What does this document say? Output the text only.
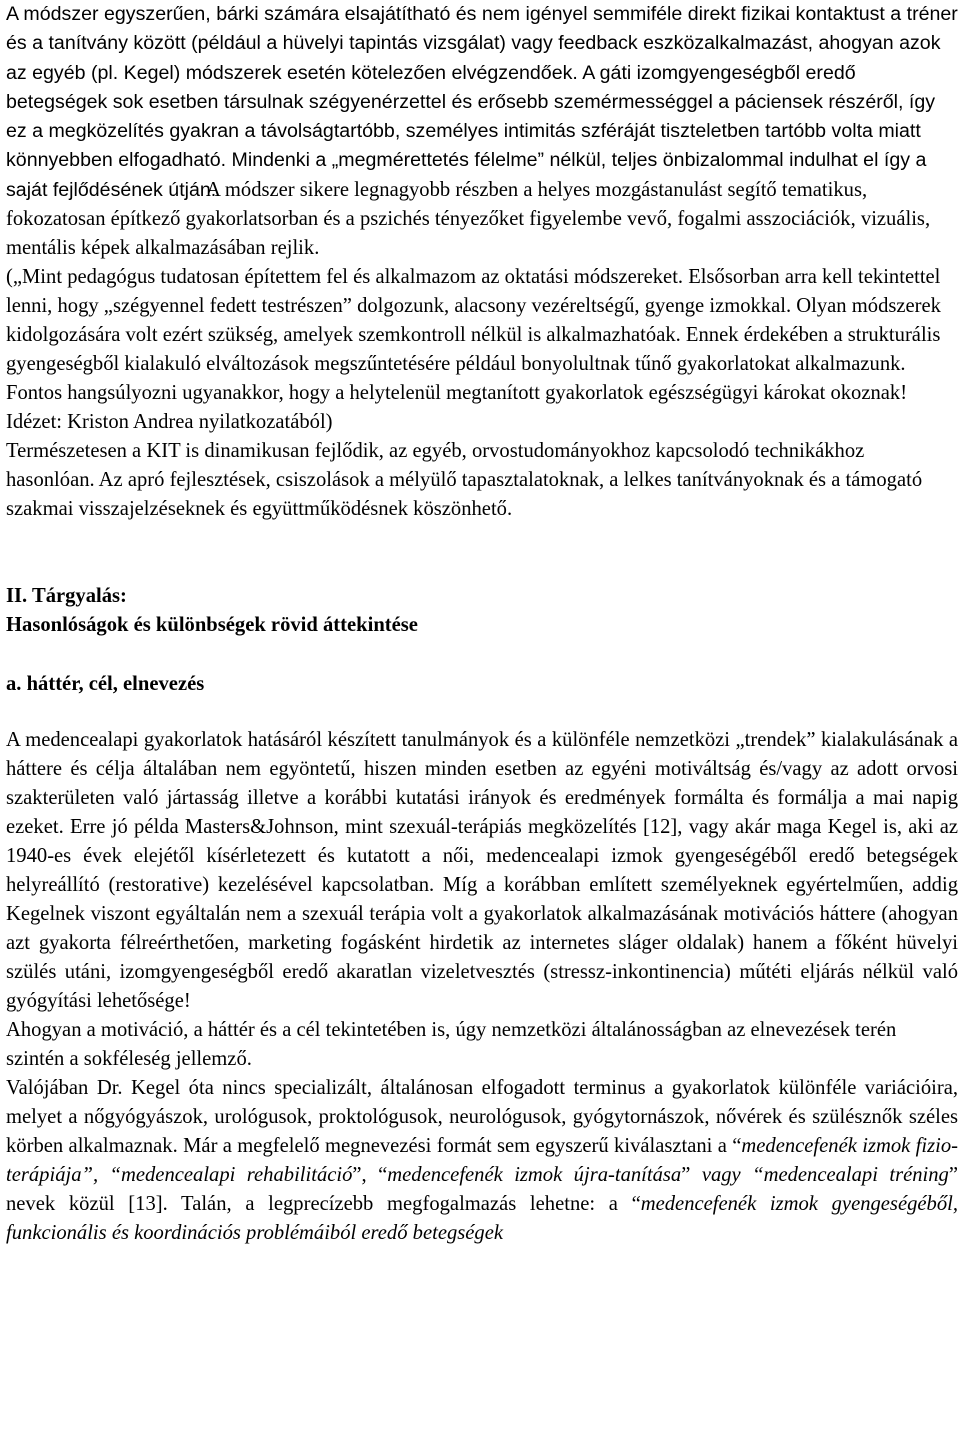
A módszer egyszerűen, bárki számára elsajátítható és nem igényel semmiféle direkt fizikai kontaktust a tréner és a tanítvány között (például a hüvelyi tapintás vizsgálat) vagy feedback eszközalkalmazást, ahogyan azok az egyéb (pl. Kegel) módszerek esetén kötelezően elvégzendőek. A gáti izomgyengeségből eredő betegségek sok esetben társulnak szégyenérzettel és erősebb szemérmességgel a páciensek részéről, így ez a megközelítés gyakran a távolságtartóbb, személyes intimitás szféráját tiszteletben tartóbb volta miatt könnyebben elfogadható. Mindenki a „megmérettetés félelme” nélkül, teljes önbizalommal indulhat el így a saját fejlődésének útján.

A módszer sikere legnagyobb részben a helyes mozgástanulást segítő tematikus, fokozatosan építkező gyakorlatsorban és a pszichés tényezőket figyelembe vevő, fogalmi asszociációk, vizuális, mentális képek alkalmazásában rejlik.

(„Mint pedagógus tudatosan építettem fel és alkalmazom az oktatási módszereket. Elsősorban arra kell tekintettel lenni, hogy „szégyennel fedett testrészen” dolgozunk, alacsony vezéreltségű, gyenge izmokkal. Olyan módszerek kidolgozására volt ezért szükség, amelyek szemkontroll nélkül is alkalmazhatóak. Ennek érdekében a strukturális gyengeségből kialakuló elváltozások megszűntetésére például bonyolultnak tűnő gyakorlatokat alkalmazunk. Fontos hangsúlyozni ugyanakkor, hogy a helytelenül megtanított gyakorlatok egészségügyi károkat okoznak! Idézet: Kriston Andrea nyilatkozatából)

Természetesen a KIT is dinamikusan fejlődik, az egyéb, orvostudományokhoz kapcsolodó technikákhoz hasonlóan. Az apró fejlesztések, csiszolások a mélyülő tapasztalatoknak, a lelkes tanítványoknak és a támogató szakmai visszajelzéseknek és együttműködésnek köszönhető.

II. Tárgyalás:
Hasonlóságok és különbségek rövid áttekintése

a. háttér, cél, elnevezés

A medencealapi gyakorlatok hatásáról készített tanulmányok és a különféle nemzetközi „trendek” kialakulásának a háttere és célja általában nem egyöntetű, hiszen minden esetben az egyéni motiváltság és/vagy az adott orvosi szakterületen való jártasság illetve a korábbi kutatási irányok és eredmények formálta és formálja a mai napig ezeket. Erre jó példa Masters&Johnson, mint szexuál-terápiás megközelítés [12], vagy akár maga Kegel is, aki az 1940-es évek elejétől kísérletezett és kutatott a női, medencealapi izmok gyengeségéből eredő betegségek helyreállító (restorative) kezelésével kapcsolatban. Míg a korábban említett személyeknek egyértelműen, addig Kegelnek viszont egyáltalán nem a szexuál terápia volt a gyakorlatok alkalmazásának motivációs háttere (ahogyan azt gyakorta félreérthetően, marketing fogásként hirdetik az internetes sláger oldalak) hanem a főként hüvelyi szülés utáni, izomgyengeségből eredő akaratlan vizeletvesztés (stressz-inkontinencia) műtéti eljárás nélkül való gyógyítási lehetősége!

Ahogyan a motiváció, a háttér és a cél tekintetében is, úgy nemzetközi általánosságban az elnevezések terén szintén a sokféleség jellemző.

Valójában Dr. Kegel óta nincs specializált, általánosan elfogadott terminus a gyakorlatok különféle variációira, melyet a nőgyógyászok, urológusok, proktológusok, neurológusok, gyógytornászok, nővérek és szülésznők széles körben alkalmaznak. Már a megfelelő megnevezési formát sem egyszerű kiválasztani a “medencefenék izmok fizio-terápiája”, “medencealapi rehabilitáció”, “medencefenék izmok újra-tanítása” vagy “medencealapi tréning” nevek közül [13]. Talán, a legprecízebb megfogalmazás lehetne: a “medencefenék izmok gyengeségéből, funkcionális és koordinációs problémáiból eredő betegségek
